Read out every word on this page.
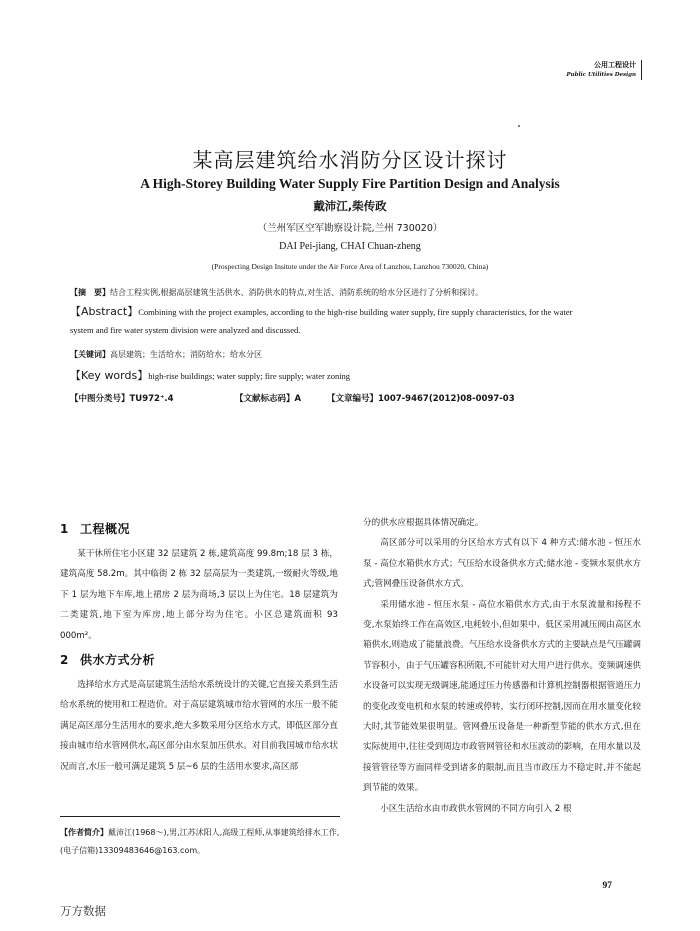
公用工程设计
Public Utilities Design
某高层建筑给水消防分区设计探讨
A High-Storey Building Water Supply Fire Partition Design and Analysis
戴沛江,柴传政
（兰州军区空军勘察设计院,兰州 730020）
DAI Pei-jiang, CHAI Chuan-zheng
(Prospecting Design Insitute under the Air Force Area of Lanzhou, Lanzhou 730020, China)
【摘　要】结合工程实例,根据高层建筑生活供水、消防供水的特点,对生活、消防系统的给水分区进行了分析和探讨。
【Abstract】Combining with the project examples, according to the high-rise building water supply, fire supply characteristics, for the water
system and fire water system division were analyzed and discussed.
【关键词】高层建筑；生活给水；消防给水；给水分区
【Key words】high-rise buildings; water supply; fire supply; water zoning
【中图分类号】TU972⁺.4	【文献标志码】A	【文章编号】1007-9467(2012)08-0097-03
1 工程概况

某干休所住宅小区建 32 层建筑 2 栋,建筑高度 99.8m;18 层 3 栋，建筑高度 58.2m。其中临街 2 栋 32 层高层为一类建筑,一级耐火等级,地下 1 层为地下车库,地上裙房 2 层为商场,3 层以上为住宅。18 层建筑为二类建筑,地下室为库房,地上部分均为住宅。小区总建筑面积 93 000m²。

2 供水方式分析

选择给水方式是高层建筑生活给水系统设计的关键,它直接关系到生活给水系统的使用和工程造价。对于高层建筑城市给水管网的水压一般不能满足高区部分生活用水的要求,绝大多数采用分区给水方式，即低区部分直接由城市给水管网供水,高区部分由水泵加压供水。对目前我国城市给水状况而言,水压一般可满足建筑 5 层~6 层的生活用水要求,高区部

【作者简介】戴沛江(1968～),男,江苏沭阳人,高级工程师,从事建筑给排水工作,(电子信箱)13309483646@163.com。

分的供水应根据具体情况确定。

高区部分可以采用的分区给水方式有以下 4 种方式:储水池 - 恒压水泵 - 高位水箱供水方式；气压给水设备供水方式;储水池 - 变频水泵供水方式;管网叠压设备供水方式。

采用储水池 - 恒压水泵 - 高位水箱供水方式,由于水泵流量和扬程不变,水泵始终工作在高效区,电耗较小,但如果中、低区采用减压阀由高区水箱供水,则造成了能量浪费。气压给水设备供水方式的主要缺点是气压罐调节容积小，由于气压罐容积所限,不可能针对大用户进行供水。变频调速供水设备可以实现无级调速,能通过压力传感器和计算机控制器根据管道压力的变化改变电机和水泵的转速或停转，实行闭环控制,因而在用水量变化较大时,其节能效果很明显。管网叠压设备是一种新型节能的供水方式,但在实际使用中,往往受到周边市政管网管径和水压波动的影响，在用水量以及接管管径等方面同样受到诸多的限制,而且当市政压力不稳定时,并不能起到节能的效果。

小区生活给水由市政供水管网的不同方向引入 2 根

97
万方数据
